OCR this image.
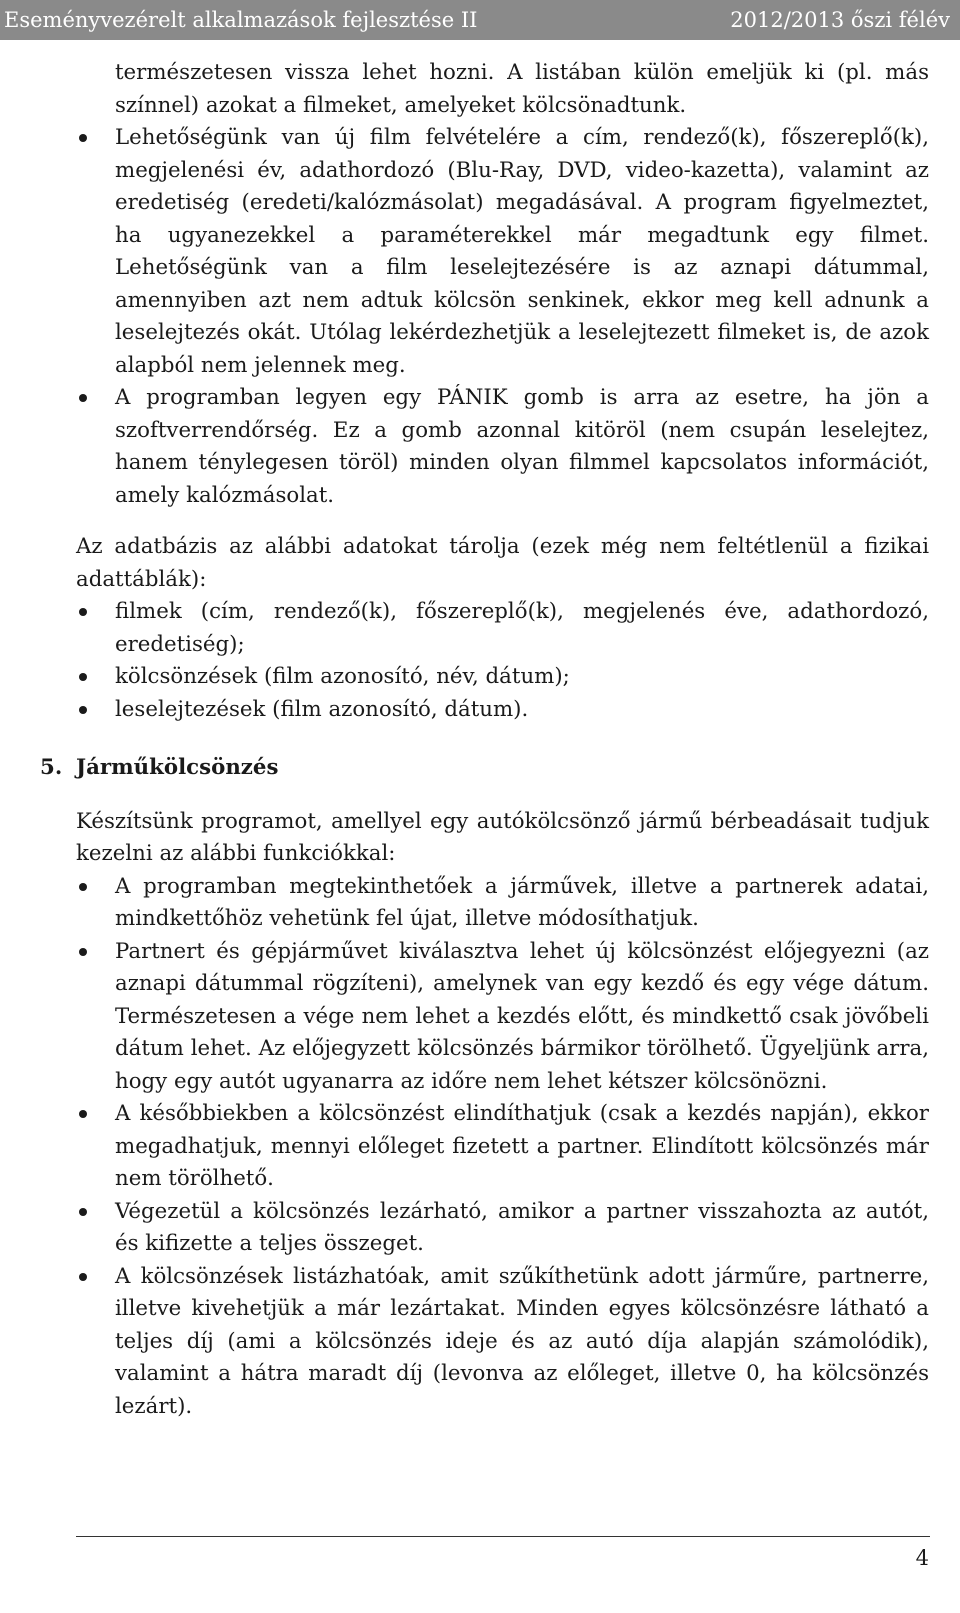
Eseményvezérelt alkalmazások fejlesztése II	2012/2013 őszi félév
természetesen vissza lehet hozni. A listában külön emeljük ki (pl. más színnel) azokat a filmeket, amelyeket kölcsönadtunk.
Lehetőségünk van új film felvételére a cím, rendező(k), főszereplő(k), megjelenési év, adathordozó (Blu-Ray, DVD, video-kazetta), valamint az eredetiség (eredeti/kalózmásolat) megadásával. A program figyelmeztet, ha ugyanezekkel a paraméterekkel már megadtunk egy filmet. Lehetőségünk van a film leselejtezésére is az aznapi dátummal, amennyiben azt nem adtuk kölcsön senkinek, ekkor meg kell adnunk a leselejtezés okát. Utólag lekérdezhetjük a leselejtezett filmeket is, de azok alapból nem jelennek meg.
A programban legyen egy PÁNIK gomb is arra az esetre, ha jön a szoftverrendőrség. Ez a gomb azonnal kitöröl (nem csupán leselejtez, hanem ténylegesen töröl) minden olyan filmmel kapcsolatos információt, amely kalózmásolat.

Az adatbázis az alábbi adatokat tárolja (ezek még nem feltétlenül a fizikai adattáblák):

filmek (cím, rendező(k), főszereplő(k), megjelenés éve, adathordozó, eredetiség);
kölcsönzések (film azonosító, név, dátum);
leselejtezések (film azonosító, dátum).
5. Járműkölcsönzés

Készítsünk programot, amellyel egy autókölcsönző jármű bérbeadásait tudjuk kezelni az alábbi funkciókkal:

A programban megtekinthetőek a járművek, illetve a partnerek adatai, mindkettőhöz vehetünk fel újat, illetve módosíthatjuk.
Partnert és gépjárművet kiválasztva lehet új kölcsönzést előjegyezni (az aznapi dátummal rögzíteni), amelynek van egy kezdő és egy vége dátum. Természetesen a vége nem lehet a kezdés előtt, és mindkettő csak jövőbeli dátum lehet. Az előjegyzett kölcsönzés bármikor törölhető. Ügyeljünk arra, hogy egy autót ugyanarra az időre nem lehet kétszer kölcsönözni.
A későbbiekben a kölcsönzést elindíthatjuk (csak a kezdés napján), ekkor megadhatjuk, mennyi előleget fizetett a partner. Elindított kölcsönzés már nem törölhető.
Végezetül a kölcsönzés lezárható, amikor a partner visszahozta az autót, és kifizette a teljes összeget.
A kölcsönzések listázhatóak, amit szűkíthetünk adott járműre, partnerre, illetve kivehetjük a már lezártakat. Minden egyes kölcsönzésre látható a teljes díj (ami a kölcsönzés ideje és az autó díja alapján számolódik), valamint a hátra maradt díj (levonva az előleget, illetve 0, ha kölcsönzés lezárt).
4
